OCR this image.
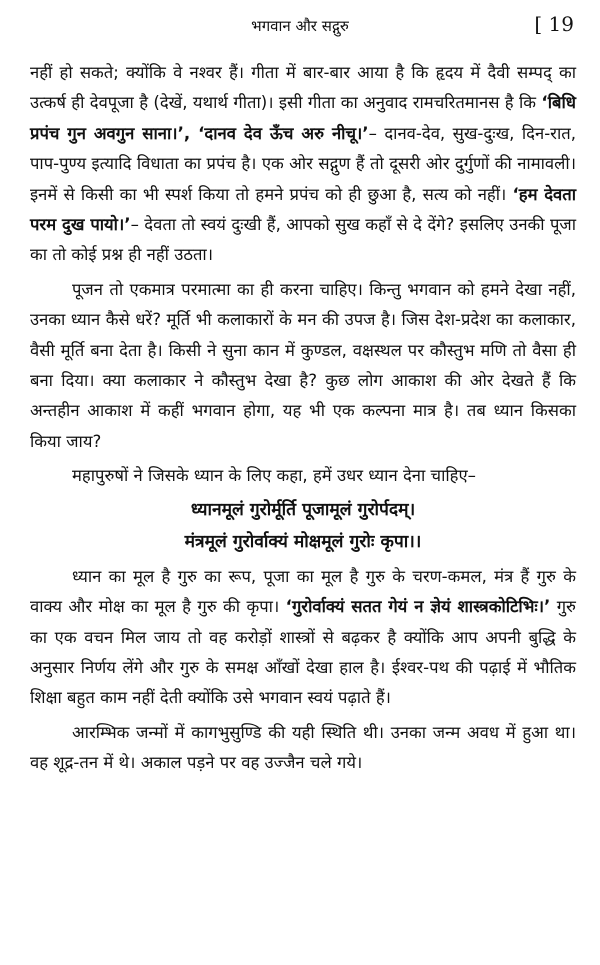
भगवान और सद्गुरु	[ 19

नहीं हो सकते; क्योंकि वे नश्वर हैं। गीता में बार-बार आया है कि हृदय में दैवी सम्पद् का उत्कर्ष ही देवपूजा है (देखें, यथार्थ गीता)। इसी गीता का अनुवाद रामचरितमानस है कि ‘बिधि प्रपंच गुन अवगुन साना।’, ‘दानव देव ऊँच अरु नीचू।’– दानव-देव, सुख-दुःख, दिन-रात, पाप-पुण्य इत्यादि विधाता का प्रपंच है। एक ओर सद्गुण हैं तो दूसरी ओर दुर्गुणों की नामावली। इनमें से किसी का भी स्पर्श किया तो हमने प्रपंच को ही छुआ है, सत्य को नहीं। ‘हम देवता परम दुख पायो।’– देवता तो स्वयं दुःखी हैं, आपको सुख कहाँ से दे देंगे? इसलिए उनकी पूजा का तो कोई प्रश्न ही नहीं उठता।

पूजन तो एकमात्र परमात्मा का ही करना चाहिए। किन्तु भगवान को हमने देखा नहीं, उनका ध्यान कैसे धरें? मूर्ति भी कलाकारों के मन की उपज है। जिस देश-प्रदेश का कलाकार, वैसी मूर्ति बना देता है। किसी ने सुना कान में कुण्डल, वक्षस्थल पर कौस्तुभ मणि तो वैसा ही बना दिया। क्या कलाकार ने कौस्तुभ देखा है? कुछ लोग आकाश की ओर देखते हैं कि अन्तहीन आकाश में कहीं भगवान होगा, यह भी एक कल्पना मात्र है। तब ध्यान किसका किया जाय?

महापुरुषों ने जिसके ध्यान के लिए कहा, हमें उधर ध्यान देना चाहिए–

ध्यानमूलं गुरोर्मूर्ति पूजामूलं गुरोर्पदम्।
मंत्रमूलं गुरोर्वाक्यं मोक्षमूलं गुरोः कृपा।।

ध्यान का मूल है गुरु का रूप, पूजा का मूल है गुरु के चरण-कमल, मंत्र हैं गुरु के वाक्य और मोक्ष का मूल है गुरु की कृपा। ‘गुरोर्वाक्यं सतत गेयं न ज्ञेयं शास्त्रकोटिभिः।’ गुरु का एक वचन मिल जाय तो वह करोड़ों शास्त्रों से बढ़कर है क्योंकि आप अपनी बुद्धि के अनुसार निर्णय लेंगे और गुरु के समक्ष आँखों देखा हाल है। ईश्वर-पथ की पढ़ाई में भौतिक शिक्षा बहुत काम नहीं देती क्योंकि उसे भगवान स्वयं पढ़ाते हैं।

आरम्भिक जन्मों में कागभुसुण्डि की यही स्थिति थी। उनका जन्म अवध में हुआ था। वह शूद्र-तन में थे। अकाल पड़ने पर वह उज्जैन चले गये।
